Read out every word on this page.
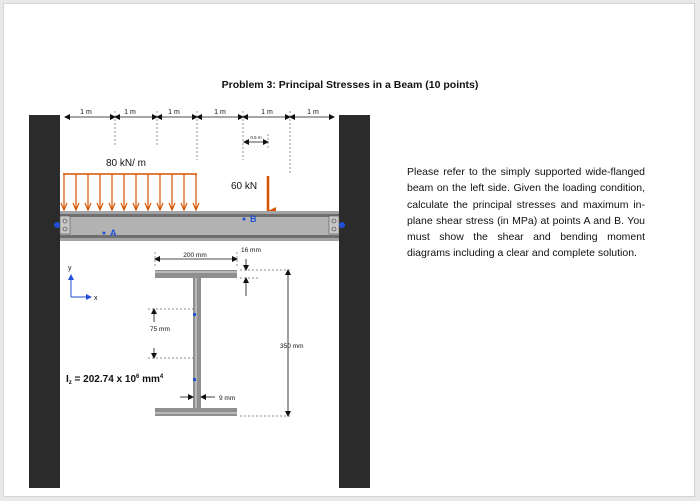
Problem 3: Principal Stresses in a Beam (10 points)
1 m	1 m	1 m	1 m	1 m	1 m
0.5 m
80 kN/ m
60 kN
A
B
y
x
200 mm
16 mm
75 mm
350 mm
9 mm
$I_z = 202.74$ x $10^6$ $mm^4$

Please refer to the simply supported wide-flanged beam on the left side. Given the loading condition, calculate the principal stresses and maximum in-plane shear stress (in MPa) at points A and B. You must show the shear and bending moment diagrams including a clear and complete solution.
